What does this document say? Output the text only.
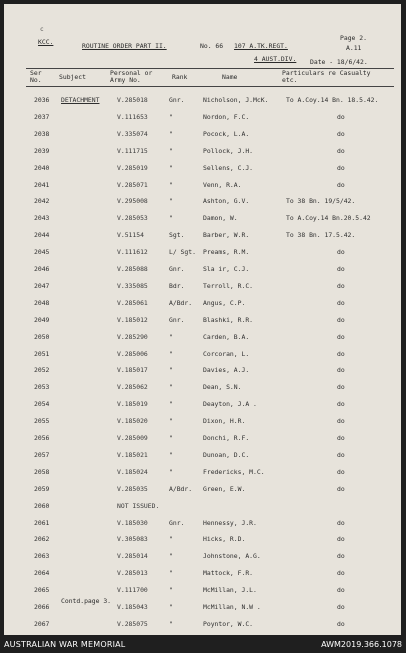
c
KCC.	ROUTINE ORDER PART II.	No. 66 107 A.TK.REGT.
Page 2.
A.11
4 AUST.DIV. Date - 18/6/42.
Ser No.	Subject	Personal or Army No.	Rank	Name	Particulars re Casualty etc.
2036 DETACHMENT	V.285018	Gnr.	Nicholson, J.McK.	To A.Coy.14 Bn. 18.5.42.
2037	V.111653	"	Nordon, F.C.	do
2038	V.335074	"	Pocock, L.A.	do
2039	V.111715	"	Pollock, J.H.	do
2040	V.285019	"	Sellens, C.J.	do
2041	V.285071	"	Venn, R.A.	do
2042	V.295008	"	Ashton, G.V.	To 38 Bn. 19/5/42.
2043	V.285053	"	Damon, W.	To A.Coy.14 Bn.20.5.42
2044	V.51154	Sgt.	Barber, W.R.	To 38 Bn. 17.5.42.
2045	V.111612	L/ Sgt. Preams, R.M.	do
2046	V.285088	Gnr.	Sla ir, C.J.	do
2047	V.335085	Bdr.	Terroll, R.C.	do
2048	V.285061	A/Bdr. Angus, C.P.	do
2049	V.185012	Gnr.	Blashki, R.R.	do
2050	V.285290	"	Carden, B.A.	do
2051	V.285006	"	Corcoran, L.	do
2052	V.185017	"	Davies, A.J.	do
2053	V.285062	"	Dean, S.N.	do
2054	V.185019	"	Deayton, J.A .	do
2055	V.185020	"	Dixon, H.R.	do
2056	V.285009	"	Donchi, R.F.	do
2057	V.185021	"	Dunoan, D.C.	do
2058	V.185024	"	Fredericks, M.C.	do
2059	V.285035	A/Bdr. Green, E.W.	do
2060	NOT ISSUED.
2061	V.185030	Gnr.	Hennessy, J.R.	do
2062	V.305083	"	Hicks, R.D.	do
2063	V.285014	"	Johnstone, A.G.	do
2064	V.285013	"	Mattock, F.R.	do
2065	V.111700	"	McMillan, J.L.	do
2066	V.185043	"	McMillan, N.W .	do
2067	V.285075	"	Poyntor, W.C.	do
Contd.page 3.
AUSTRALIAN WAR MEMORIAL	AWM2019.366.1078
